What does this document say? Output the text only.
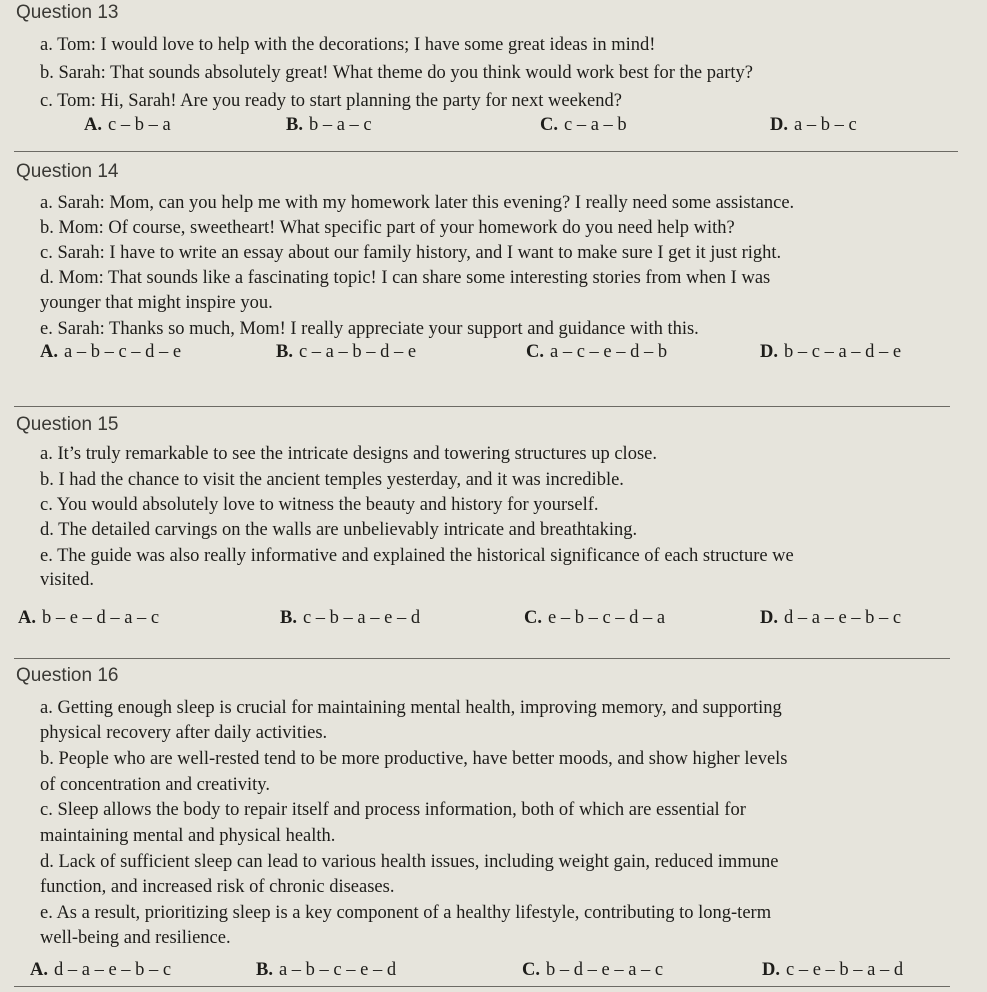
Question 13
a. Tom: I would love to help with the decorations; I have some great ideas in mind!
b. Sarah: That sounds absolutely great! What theme do you think would work best for the party?
c. Tom: Hi, Sarah! Are you ready to start planning the party for next weekend?
A. c – b – a	B. b – a – c	C. c – a – b	D. a – b – c
Question 14
a. Sarah: Mom, can you help me with my homework later this evening? I really need some assistance.
b. Mom: Of course, sweetheart! What specific part of your homework do you need help with?
c. Sarah: I have to write an essay about our family history, and I want to make sure I get it just right.
d. Mom: That sounds like a fascinating topic! I can share some interesting stories from when I was
younger that might inspire you.
e. Sarah: Thanks so much, Mom! I really appreciate your support and guidance with this.
A. a – b – c – d – e	B. c – a – b – d – e	C. a – c – e – d – b	D. b – c – a – d – e
Question 15
a. It’s truly remarkable to see the intricate designs and towering structures up close.
b. I had the chance to visit the ancient temples yesterday, and it was incredible.
c. You would absolutely love to witness the beauty and history for yourself.
d. The detailed carvings on the walls are unbelievably intricate and breathtaking.
e. The guide was also really informative and explained the historical significance of each structure we
visited.
A. b – e – d – a – c	B. c – b – a – e – d	C. e – b – c – d – a	D. d – a – e – b – c
Question 16
a. Getting enough sleep is crucial for maintaining mental health, improving memory, and supporting
physical recovery after daily activities.
b. People who are well-rested tend to be more productive, have better moods, and show higher levels
of concentration and creativity.
c. Sleep allows the body to repair itself and process information, both of which are essential for
maintaining mental and physical health.
d. Lack of sufficient sleep can lead to various health issues, including weight gain, reduced immune
function, and increased risk of chronic diseases.
e. As a result, prioritizing sleep is a key component of a healthy lifestyle, contributing to long-term
well-being and resilience.
A. d – a – e – b – c	B. a – b – c – e – d	C. b – d – e – a – c	D. c – e – b – a – d
